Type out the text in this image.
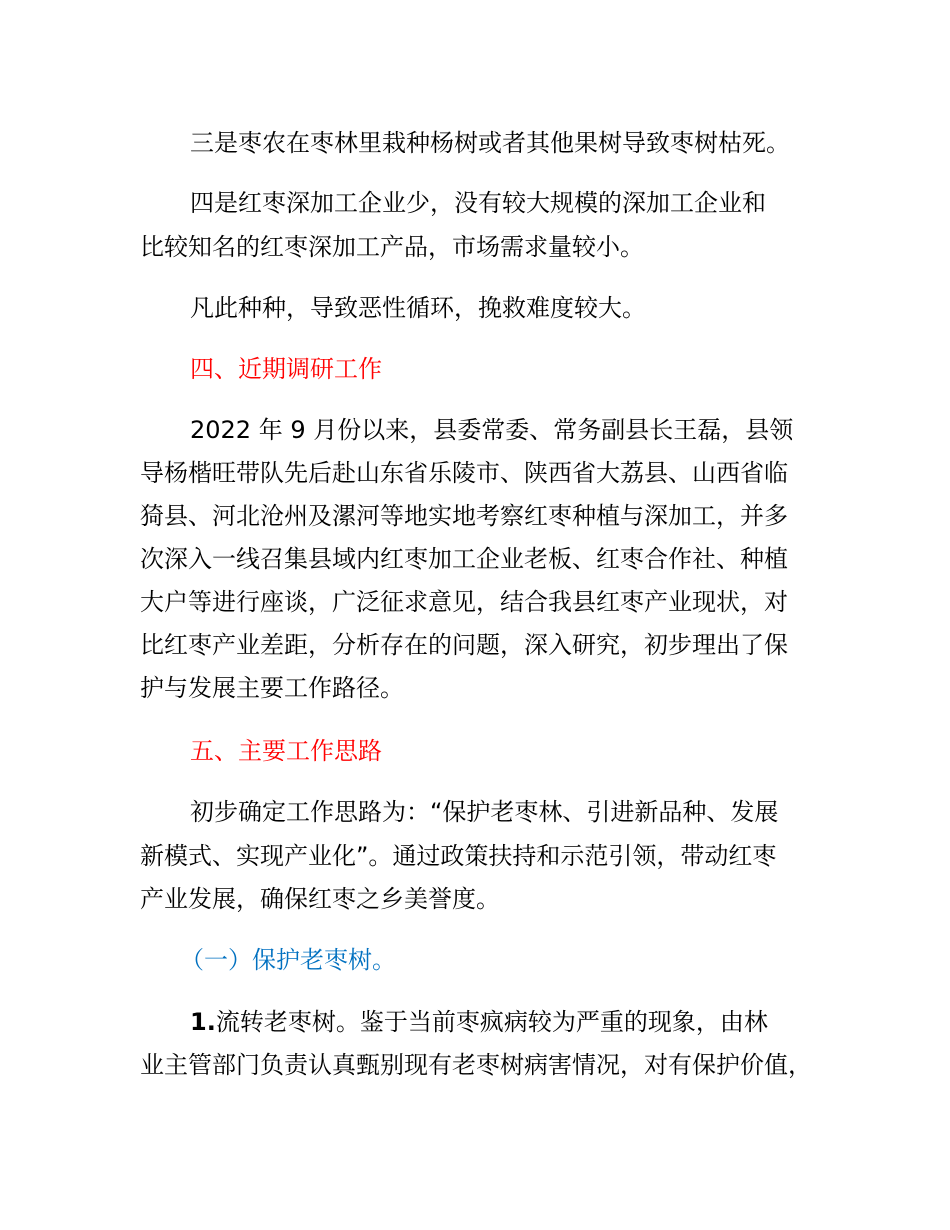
三是枣农在枣林里栽种杨树或者其他果树导致枣树枯死。

四是红枣深加工企业少，没有较大规模的深加工企业和

比较知名的红枣深加工产品，市场需求量较小。

凡此种种，导致恶性循环，挽救难度较大。

四、近期调研工作

2022 年 9 月份以来，县委常委、常务副县长王磊，县领

导杨楷旺带队先后赴山东省乐陵市、陕西省大荔县、山西省临

猗县、河北沧州及漯河等地实地考察红枣种植与深加工，并多

次深入一线召集县域内红枣加工企业老板、红枣合作社、种植

大户等进行座谈，广泛征求意见，结合我县红枣产业现状，对

比红枣产业差距，分析存在的问题，深入研究，初步理出了保

护与发展主要工作路径。

五、主要工作思路

初步确定工作思路为：“保护老枣林、引进新品种、发展

新模式、实现产业化”。通过政策扶持和示范引领，带动红枣

产业发展，确保红枣之乡美誉度。

（一）保护老枣树。

1.流转老枣树。鉴于当前枣疯病较为严重的现象，由林

业主管部门负责认真甄别现有老枣树病害情况，对有保护价值，
